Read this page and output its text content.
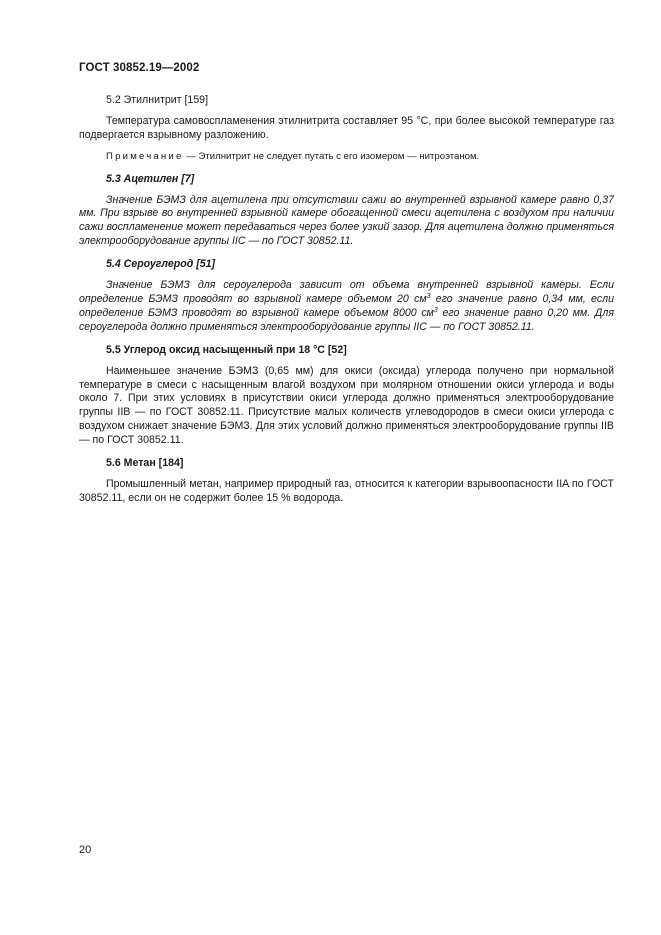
ГОСТ 30852.19—2002

5.2 Этилнитрит [159]

Температура самовоспламенения этилнитрита составляет 95 °С, при более высокой температуре газ подвергается взрывному разложению.

Примечание — Этилнитрит не следует путать с его изомером — нитроэтаном.

5.3 Ацетилен [7]

Значение БЭМЗ для ацетилена при отсутствии сажи во внутренней взрывной камере равно 0,37 мм. При взрыве во внутренней взрывной камере обогащенной смеси ацетилена с воздухом при наличии сажи воспламенение может передаваться через более узкий зазор. Для ацетилена должно применяться электрооборудование группы IIC — по ГОСТ 30852.11.

5.4 Сероуглерод [51]

Значение БЭМЗ для сероуглерода зависит от объема внутренней взрывной камеры. Если определение БЭМЗ проводят во взрывной камере объемом 20 $см^3$ его значение равно 0,34 мм, если определение БЭМЗ проводят во взрывной камере объемом 8000 $см^3$ его значение равно 0,20 мм. Для сероуглерода должно применяться электрооборудование группы IIC — по ГОСТ 30852.11.

5.5 Углерод оксид насыщенный при 18 °С [52]

Наименьшее значение БЭМЗ (0,65 мм) для окиси (оксида) углерода получено при нормальной температуре в смеси с насыщенным влагой воздухом при молярном отношении окиси углерода и воды около 7. При этих условиях в присутствии окиси углерода должно применяться электрооборудование группы IIB — по ГОСТ 30852.11. Присутствие малых количеств углеводородов в смеси окиси углерода с воздухом снижает значение БЭМЗ. Для этих условий должно применяться электрооборудование группы IIB — по ГОСТ 30852.11.

5.6 Метан [184]

Промышленный метан, например природный газ, относится к категории взрывоопасности IIA по ГОСТ 30852.11, если он не содержит более 15 % водорода.

20
